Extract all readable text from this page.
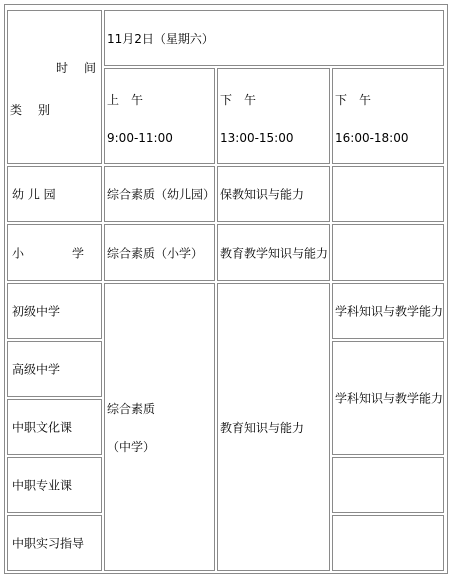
时　间
类　别
11月2日（星期六）
上　午
9:00-11:00
下　午
13:00-15:00
下　午
16:00-18:00
幼 儿 园	综合素质（幼儿园） 保教知识与能力
小　　学 综合素质（小学） 教育教学知识与能力
初级中学
高级中学
中职文化课
中职专业课
中职实习指导
综合素质
（中学）
教育知识与能力
学科知识与教学能力
学科知识与教学能力
